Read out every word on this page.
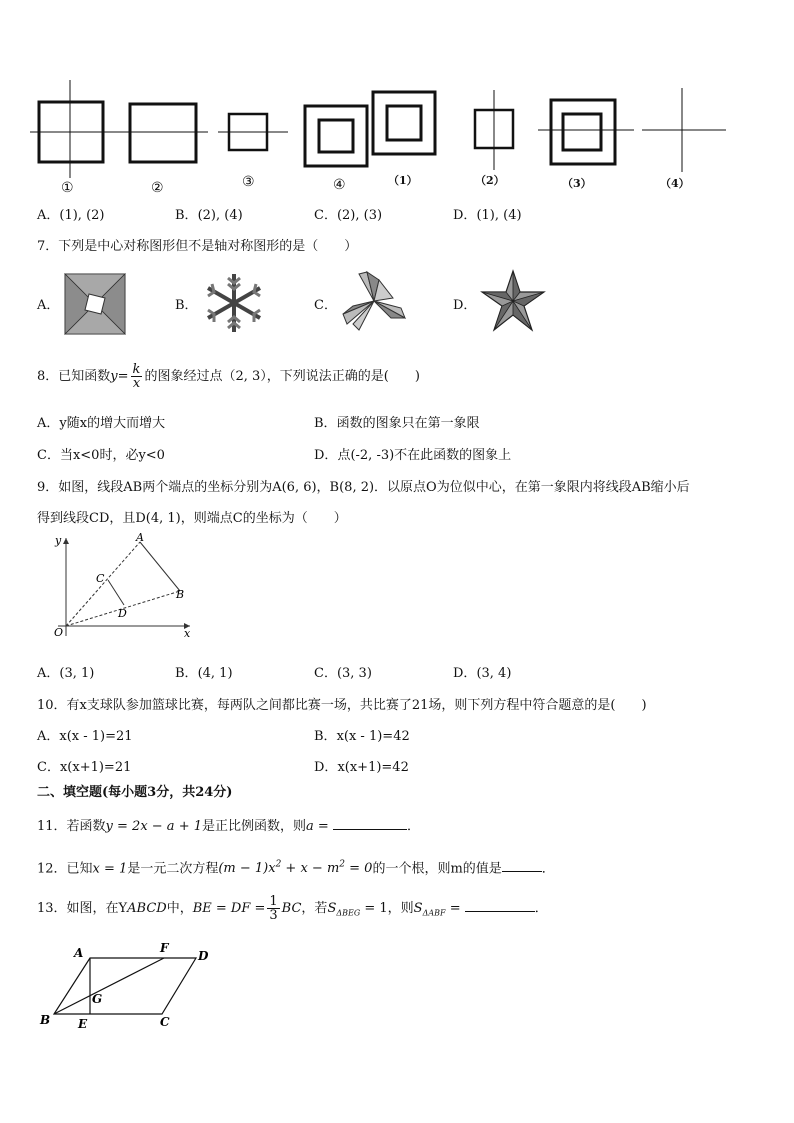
①	②	③	④	（1）	（2）	（3）	（4）
A．(1), (2)	B．(2), (4)	C．(2), (3)	D．(1), (4)
7．下列是中心对称图形但不是轴对称图形的是（　　）
A．	B．	C．	D．
8．已知函数$y= \frac{k}{x}$ 的图象经过点（2, 3），下列说法正确的是(　　)
A．y随x的增大而增大	B．函数的图象只在第一象限
C．当x<0时，必y<0	D．点(-2, -3)不在此函数的图象上
9．如图，线段AB两个端点的坐标分别为A(6, 6)，B(8, 2)．以原点O为位似中心，在第一象限内将线段AB缩小后
得到线段CD，且D(4, 1)，则端点C的坐标为（　　）
y
x
O
A
B
C
D
A．(3, 1)	B．(4, 1)	C．(3, 3)	D．(3, 4)
10．有x支球队参加篮球比赛，每两队之间都比赛一场，共比赛了21场，则下列方程中符合题意的是(　　)
A．x(x - 1)=21	B．x(x - 1)=42
C．x(x+1)=21	D．x(x+1)=42
二、填空题(每小题3分，共24分)
11．若函数y = 2x − a + 1是正比例函数，则a =	．
12．已知x = 1是一元二次方程$(m - 1)x^2 + x - m^2 = 0$的一个根，则m的值是	．
13．如图，在YABCD中，BE = DF = $\frac{1}{3}$ BC，若$S_{\Delta BEG} = 1$，则$S_{\Delta ABF}$ =	．
A	F
D
G
B E	C
